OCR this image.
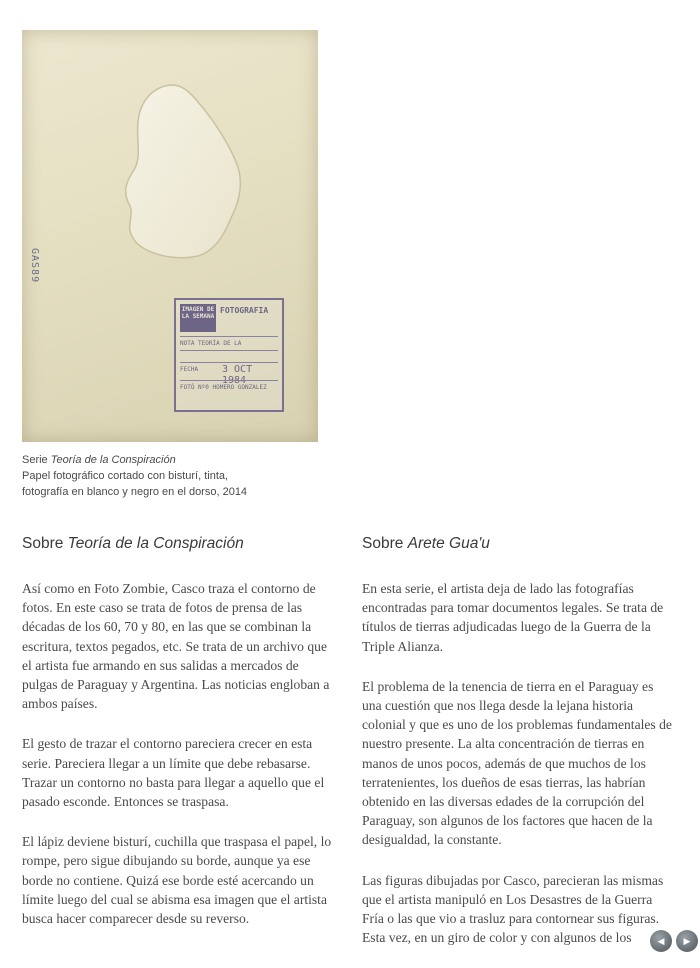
GAS89
IMAGEN DE LA SEMANA
FOTOGRAFIA
NOTA TEORÍA DE LA
FECHA 3 OCT 1984
FOTÓ Nº0 HOMERO GONZALEZ
Serie Teoría de la Conspiración
Papel fotográfico cortado con bisturí, tinta,
fotografía en blanco y negro en el dorso, 2014
Sobre Teoría de la Conspiración

Así como en Foto Zombie, Casco traza el contorno de fotos. En este caso se trata de fotos de prensa de las décadas de los 60, 70 y 80, en las que se combinan la escritura, textos pegados, etc. Se trata de un archivo que el artista fue armando en sus salidas a mercados de pulgas de Paraguay y Argentina. Las noticias engloban a ambos países.

El gesto de trazar el contorno pareciera crecer en esta serie. Pareciera llegar a un límite que debe rebasarse. Trazar un contorno no basta para llegar a aquello que el pasado esconde. Entonces se traspasa.

El lápiz deviene bisturí, cuchilla que traspasa el papel, lo rompe, pero sigue dibujando su borde, aunque ya ese borde no contiene. Quizá ese borde esté acercando un límite luego del cual se abisma esa imagen que el artista busca hacer comparecer desde su reverso.

Sobre Arete Gua'u

En esta serie, el artista deja de lado las fotografías encontradas para tomar documentos legales. Se trata de títulos de tierras adjudicadas luego de la Guerra de la Triple Alianza.

El problema de la tenencia de tierra en el Paraguay es una cuestión que nos llega desde la lejana historia colonial y que es uno de los problemas fundamentales de nuestro presente. La alta concentración de tierras en manos de unos pocos, además de que muchos de los terratenientes, los dueños de esas tierras, las habrían obtenido en las diversas edades de la corrupción del Paraguay, son algunos de los factores que hacen de la desigualdad, la constante.

Las figuras dibujadas por Casco, parecieran las mismas que el artista manipuló en Los Desastres de la Guerra Fría o las que vio a trasluz para contornear sus figuras. Esta vez, en un giro de color y con algunos de los	◀	▶
